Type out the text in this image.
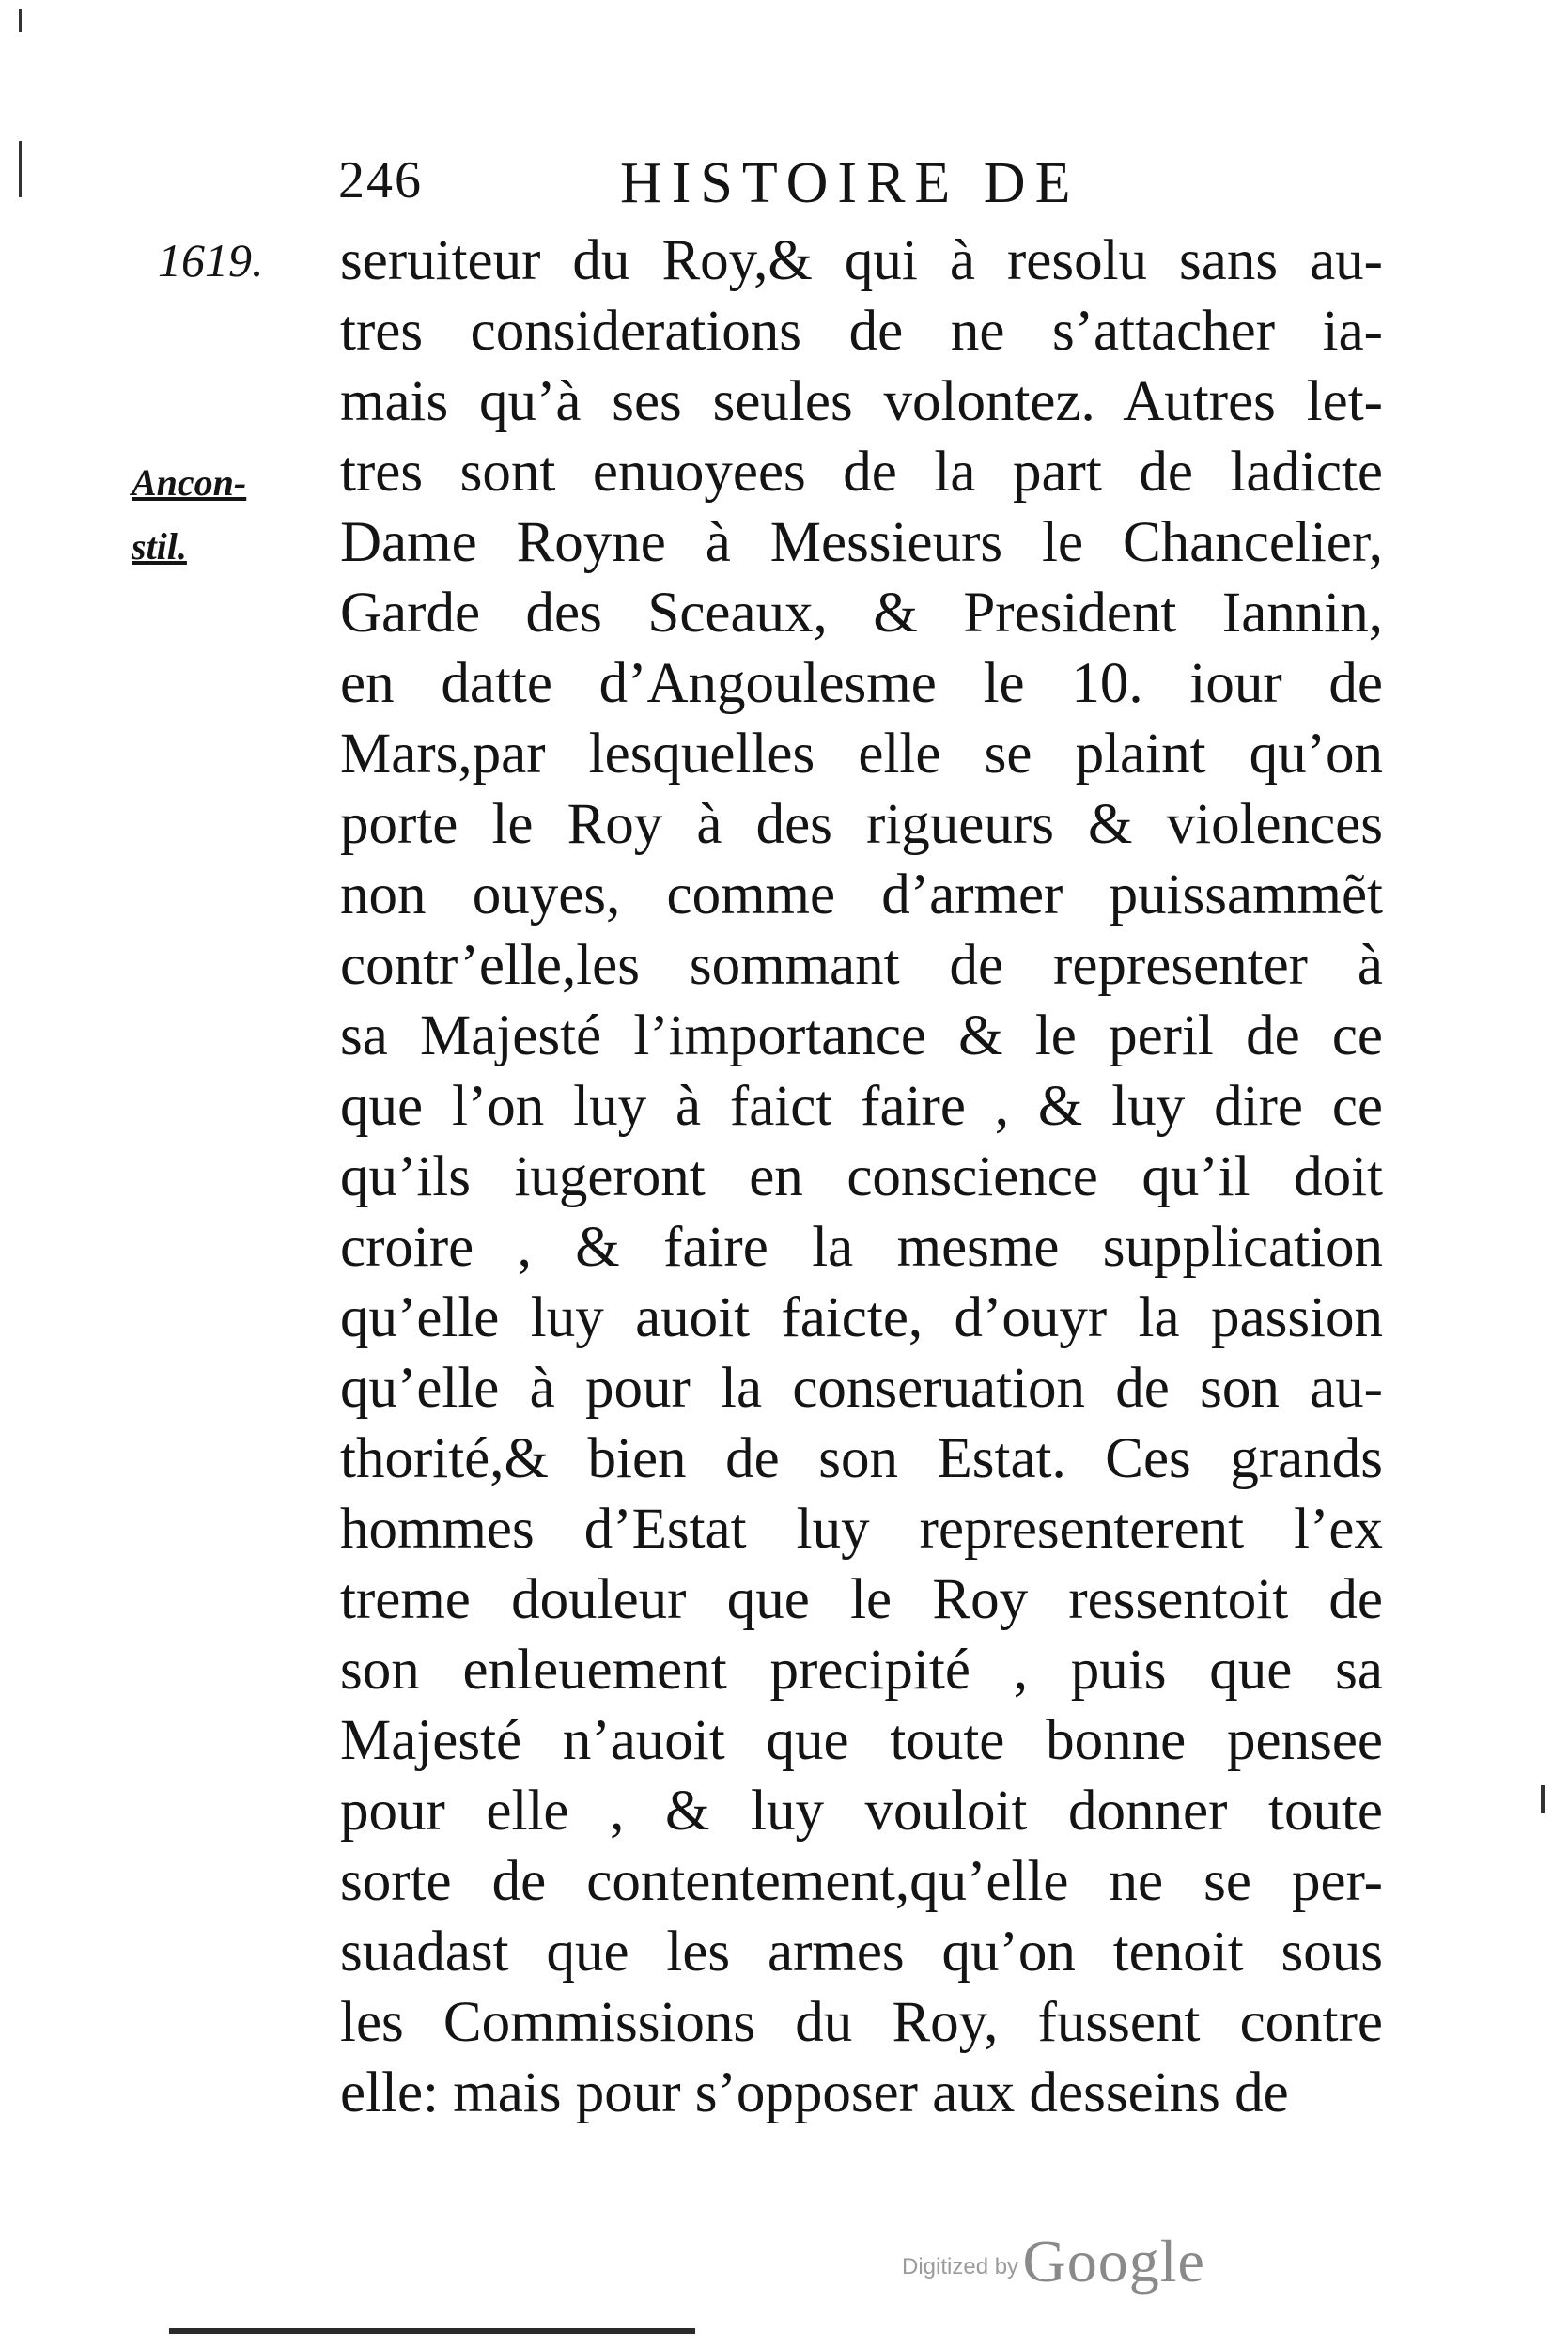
246	HISTOIRE DE
1619.
Ancon-
stil.
seruiteur du Roy,& qui à resolu sans au-
tres considerations de ne s’attacher ia-
mais qu’à ses seules volontez. Autres let-
tres sont enuoyees de la part de ladicte
Dame Royne à Messieurs le Chancelier,
Garde des Sceaux, & President Iannin,
en datte d’Angoulesme le 10. iour de
Mars,par lesquelles elle se plaint qu’on
porte le Roy à des rigueurs & violences
non ouyes, comme d’armer puissammẽt
contr’elle,les sommant de representer à
sa Majesté l’importance & le peril de ce
que l’on luy à faict faire , & luy dire ce
qu’ils iugeront en conscience qu’il doit
croire , & faire la mesme supplication
qu’elle luy auoit faicte, d’ouyr la passion
qu’elle à pour la conseruation de son au-
thorité,& bien de son Estat. Ces grands
hommes d’Estat luy representerent l’ex
treme douleur que le Roy ressentoit de
son enleuement precipité , puis que sa
Majesté n’auoit que toute bonne pensee
pour elle , & luy vouloit donner toute
sorte de contentement,qu’elle ne se per-
suadast que les armes qu’on tenoit sous
les Commissions du Roy, fussent contre
elle: mais pour s’opposer aux desseins de
Digitized by Google
